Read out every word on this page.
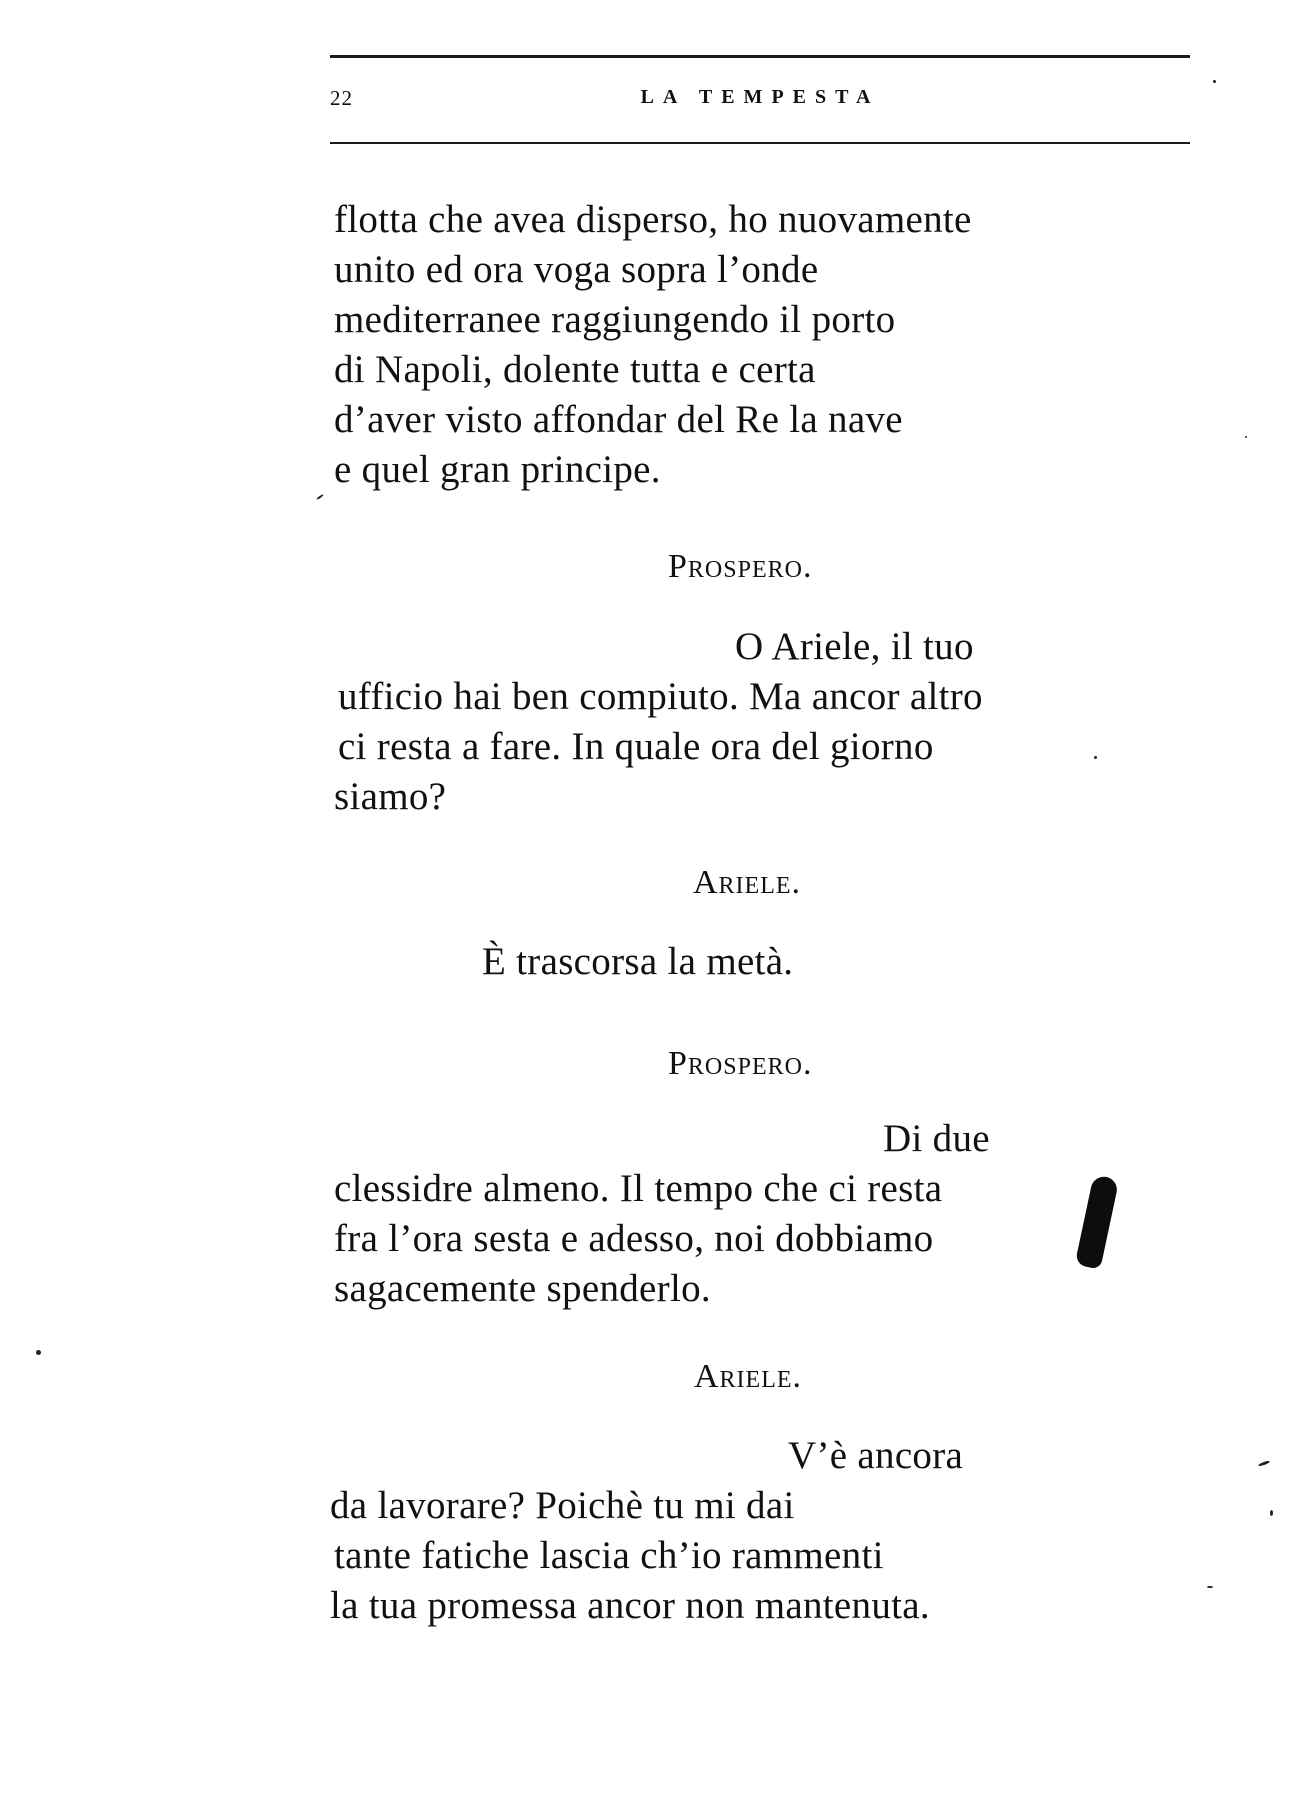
22	LA TEMPESTA
flotta che avea disperso, ho nuovamente
unito ed ora voga sopra l’onde
mediterranee raggiungendo il porto
di Napoli, dolente tutta e certa
d’aver visto affondar del Re la nave
e quel gran principe.
Prospero.
O Ariele, il tuo
ufficio hai ben compiuto. Ma ancor altro
ci resta a fare. In quale ora del giorno
siamo?
Ariele.
È trascorsa la metà.
Prospero.
Di due
clessidre almeno. Il tempo che ci resta
fra l’ora sesta e adesso, noi dobbiamo
sagacemente spenderlo.
Ariele.
V’è ancora
da lavorare? Poichè tu mi dai
tante fatiche lascia ch’io rammenti
la tua promessa ancor non mantenuta.
